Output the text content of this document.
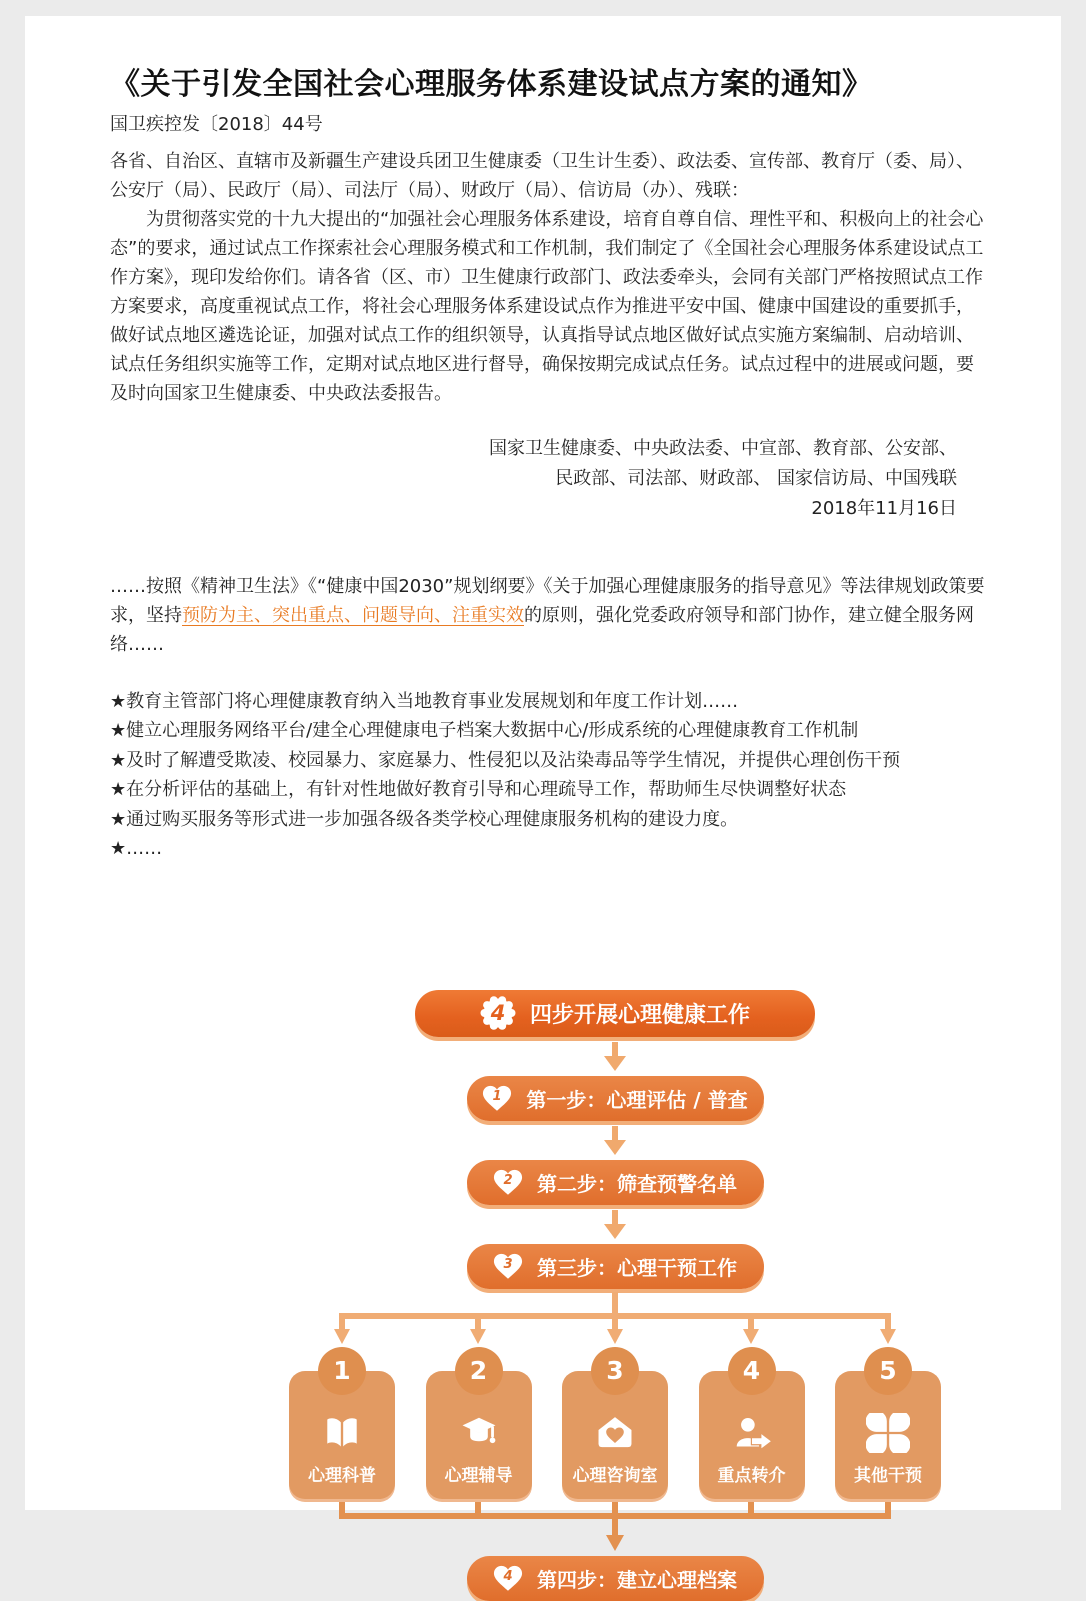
《关于引发全国社会心理服务体系建设试点方案的通知》
国卫疾控发〔2018〕44号

各省、自治区、直辖市及新疆生产建设兵团卫生健康委（卫生计生委）、政法委、宣传部、教育厅（委、局）、公安厅（局）、民政厅（局）、司法厅（局）、财政厅（局）、信访局（办）、残联：

为贯彻落实党的十九大提出的“加强社会心理服务体系建设，培育自尊自信、理性平和、积极向上的社会心态”的要求，通过试点工作探索社会心理服务模式和工作机制，我们制定了《全国社会心理服务体系建设试点工作方案》，现印发给你们。请各省（区、市）卫生健康行政部门、政法委牵头，会同有关部门严格按照试点工作方案要求，高度重视试点工作，将社会心理服务体系建设试点作为推进平安中国、健康中国建设的重要抓手，做好试点地区遴选论证，加强对试点工作的组织领导，认真指导试点地区做好试点实施方案编制、启动培训、试点任务组织实施等工作，定期对试点地区进行督导，确保按期完成试点任务。试点过程中的进展或问题，要及时向国家卫生健康委、中央政法委报告。

国家卫生健康委、中央政法委、中宣部、教育部、公安部、
民政部、司法部、财政部、 国家信访局、中国残联
2018年11月16日

……按照《精神卫生法》《“健康中国2030”规划纲要》《关于加强心理健康服务的指导意见》等法律规划政策要求，坚持预防为主、突出重点、问题导向、注重实效的原则，强化党委政府领导和部门协作，建立健全服务网络……

★教育主管部门将心理健康教育纳入当地教育事业发展规划和年度工作计划……
★健立心理服务网络平台/建全心理健康电子档案大数据中心/形成系统的心理健康教育工作机制
★及时了解遭受欺凌、校园暴力、家庭暴力、性侵犯以及沾染毒品等学生情况，并提供心理创伤干预
★在分析评估的基础上，有针对性地做好教育引导和心理疏导工作，帮助师生尽快调整好状态
★通过购买服务等形式进一步加强各级各类学校心理健康服务机构的建设力度。
★……
4 四步开展心理健康工作
1 第一步：心理评估 / 普查
2 第二步：筛查预警名单
3 第三步：心理干预工作
1
心理科普
2
心理辅导
3
心理咨询室
4
重点转介
5
其他干预
4 第四步：建立心理档案
